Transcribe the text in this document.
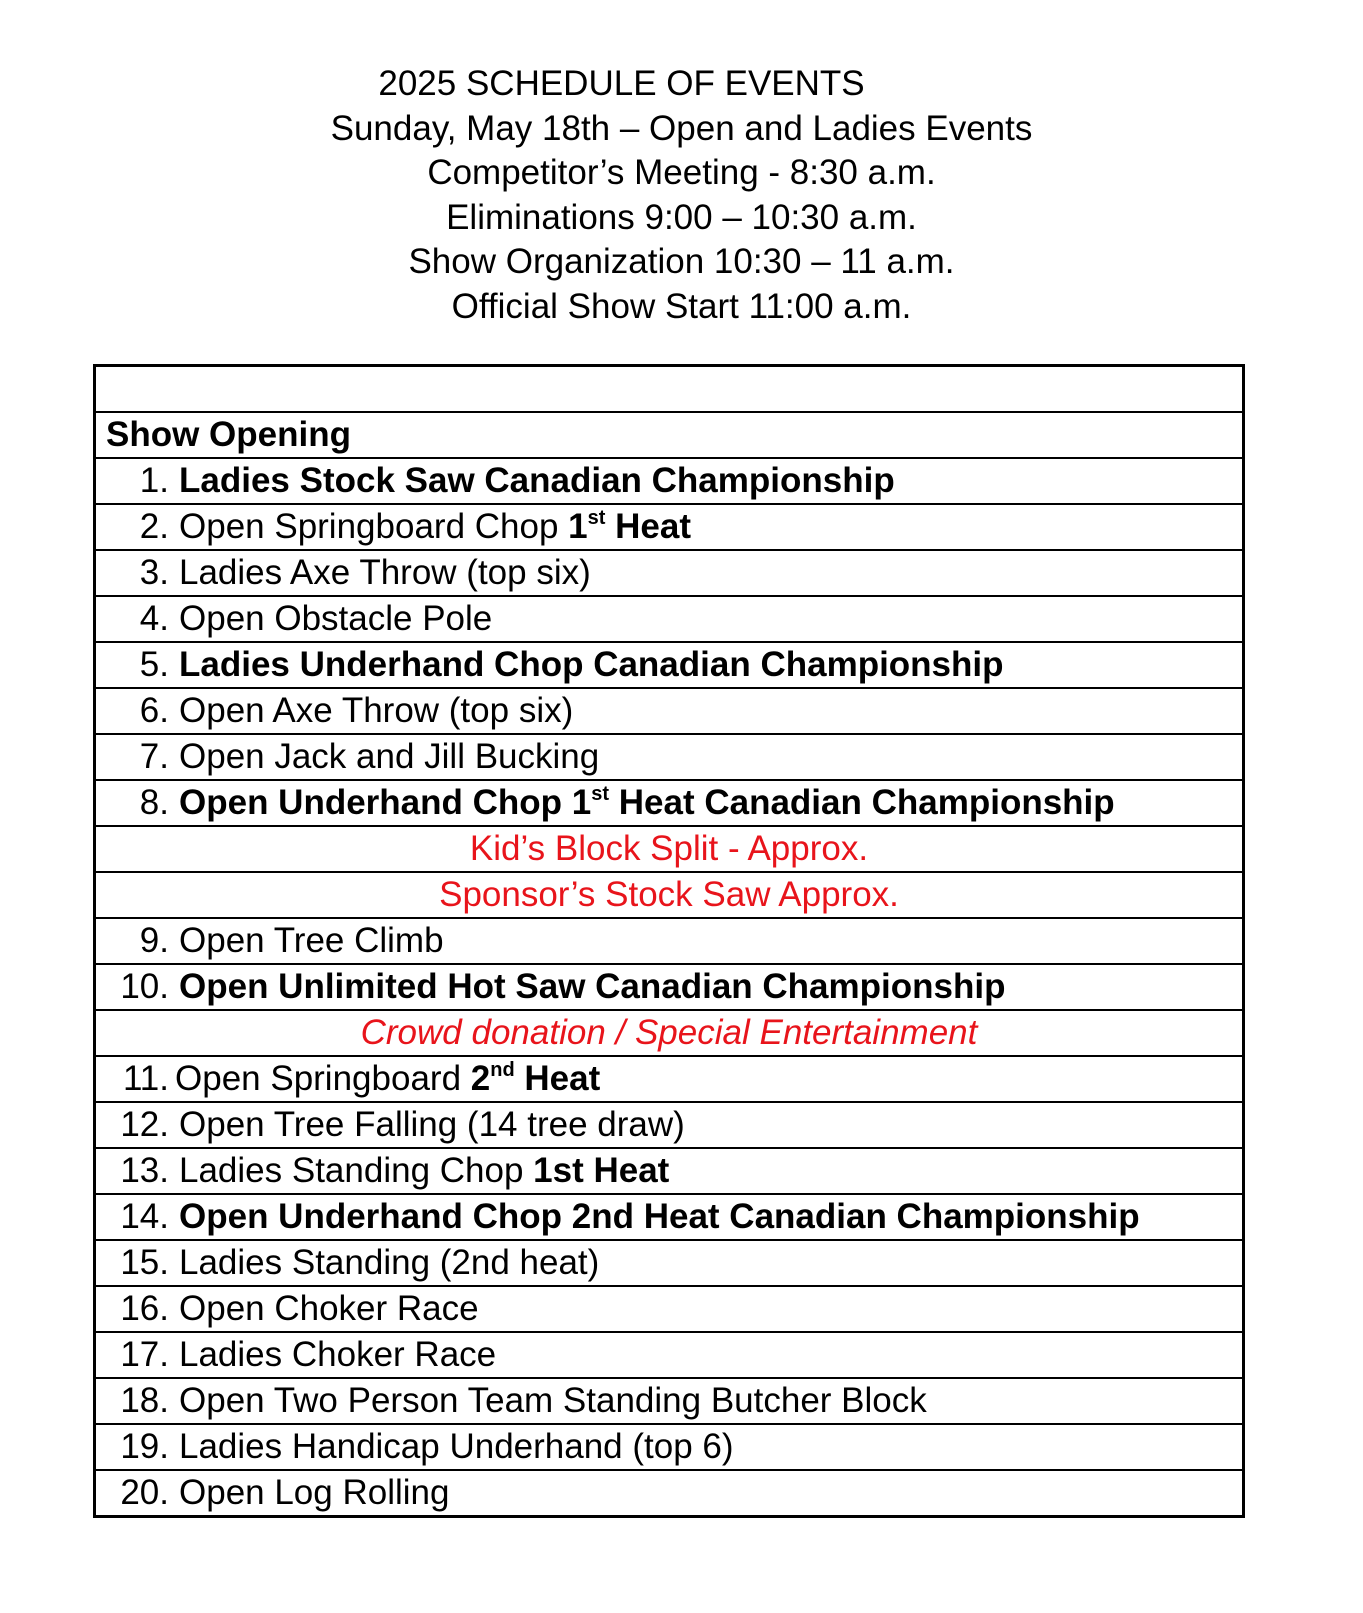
2025 SCHEDULE OF EVENTS
Sunday, May 18th – Open and Ladies Events
Competitor’s Meeting - 8:30 a.m.
Eliminations 9:00 – 10:30 a.m.
Show Organization 10:30 – 11 a.m.
Official Show Start 11:00 a.m.
Show Opening
1. Ladies Stock Saw Canadian Championship
2. Open Springboard Chop 1st Heat
3. Ladies Axe Throw (top six)
4. Open Obstacle Pole
5. Ladies Underhand Chop Canadian Championship
6. Open Axe Throw (top six)
7. Open Jack and Jill Bucking
8. Open Underhand Chop 1st Heat Canadian Championship
Kid’s Block Split - Approx.
Sponsor’s Stock Saw Approx.
9. Open Tree Climb
10. Open Unlimited Hot Saw Canadian Championship
Crowd donation / Special Entertainment
11. Open Springboard 2nd Heat
12. Open Tree Falling (14 tree draw)
13. Ladies Standing Chop 1st Heat
14. Open Underhand Chop 2nd Heat Canadian Championship
15. Ladies Standing (2nd heat)
16. Open Choker Race
17. Ladies Choker Race
18. Open Two Person Team Standing Butcher Block
19. Ladies Handicap Underhand (top 6)
20. Open Log Rolling
